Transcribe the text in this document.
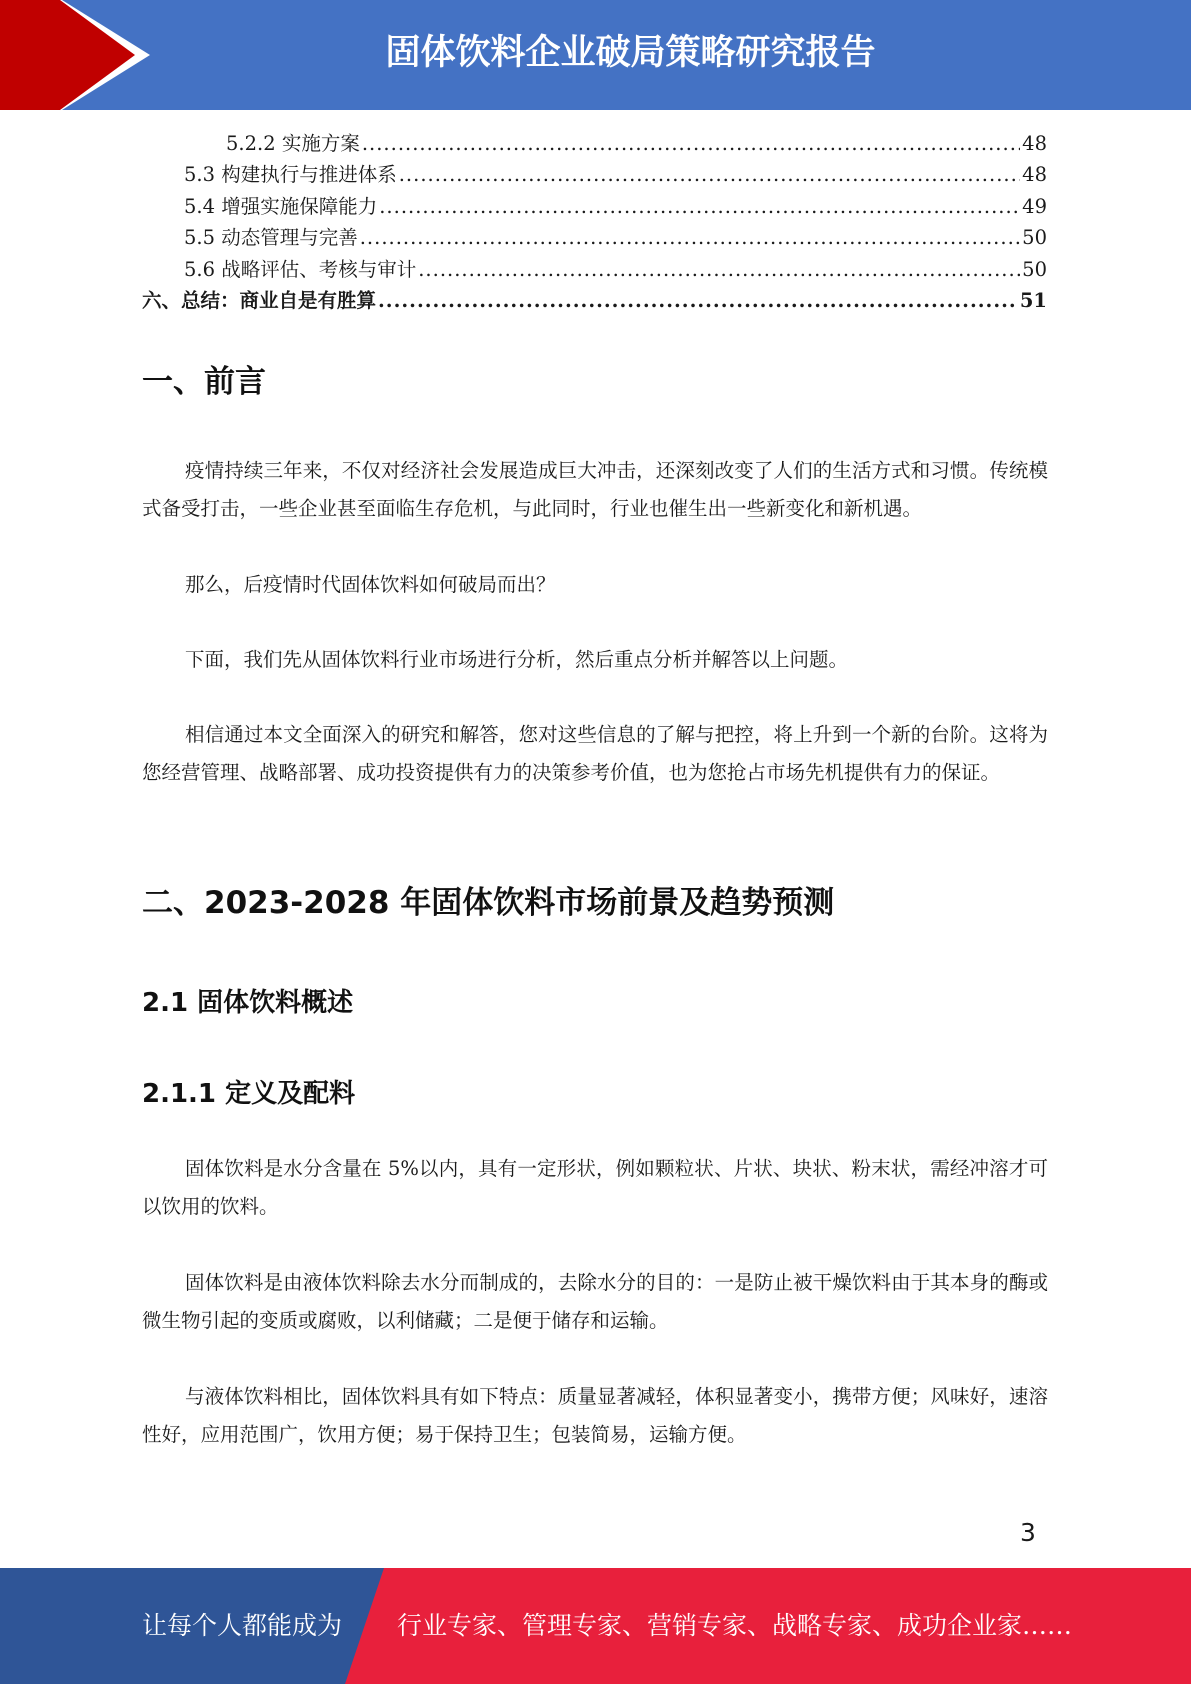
固体饮料企业破局策略研究报告
5.2.2 实施方案 .....	48
5.3 构建执行与推进体系 .....	48
5.4 增强实施保障能力 .....	49
5.5 动态管理与完善 .....	50
5.6 战略评估、考核与审计 .....	50
六、总结：商业自是有胜算 .....	51
一、前言

疫情持续三年来，不仅对经济社会发展造成巨大冲击，还深刻改变了人们的生活方式和习惯。传统模式备受打击，一些企业甚至面临生存危机，与此同时，行业也催生出一些新变化和新机遇。

那么，后疫情时代固体饮料如何破局而出？

下面，我们先从固体饮料行业市场进行分析，然后重点分析并解答以上问题。

相信通过本文全面深入的研究和解答，您对这些信息的了解与把控，将上升到一个新的台阶。这将为您经营管理、战略部署、成功投资提供有力的决策参考价值，也为您抢占市场先机提供有力的保证。

二、2023-2028 年固体饮料市场前景及趋势预测
2.1 固体饮料概述
2.1.1 定义及配料

固体饮料是水分含量在 5%以内，具有一定形状，例如颗粒状、片状、块状、粉末状，需经冲溶才可以饮用的饮料。

固体饮料是由液体饮料除去水分而制成的，去除水分的目的：一是防止被干燥饮料由于其本身的酶或微生物引起的变质或腐败，以利储藏；二是便于储存和运输。

与液体饮料相比，固体饮料具有如下特点：质量显著减轻，体积显著变小，携带方便；风味好，速溶性好，应用范围广，饮用方便；易于保持卫生；包装简易，运输方便。

3
让每个人都能成为 行业专家、管理专家、营销专家、战略专家、成功企业家……
